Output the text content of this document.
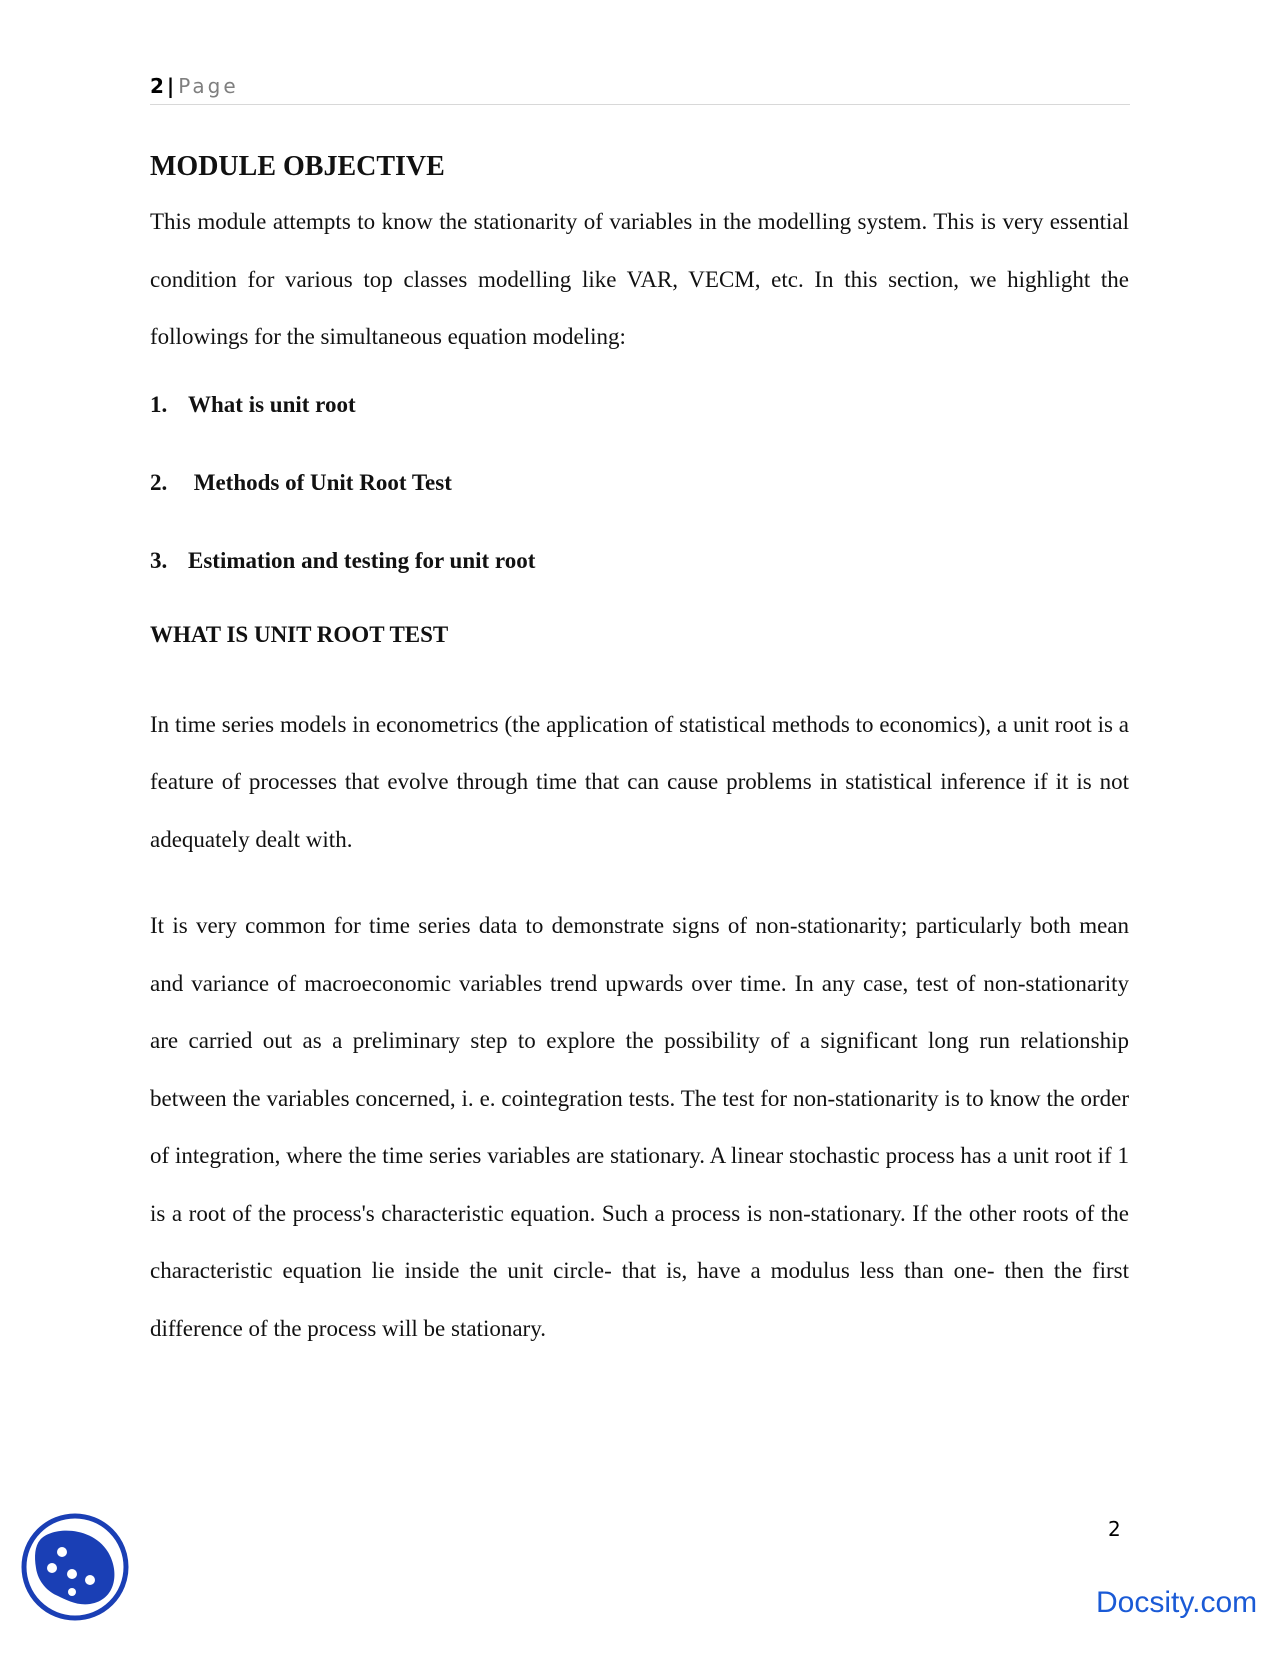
2 | Page
MODULE OBJECTIVE

This module attempts to know the stationarity of variables in the modelling system. This is very essential condition for various top classes modelling like VAR, VECM, etc. In this section, we highlight the followings for the simultaneous equation modeling:

1. What is unit root
2. Methods of Unit Root Test
3. Estimation and testing for unit root
WHAT IS UNIT ROOT TEST

In time series models in econometrics (the application of statistical methods to economics), a unit root is a feature of processes that evolve through time that can cause problems in statistical inference if it is not adequately dealt with.

It is very common for time series data to demonstrate signs of non-stationarity; particularly both mean and variance of macroeconomic variables trend upwards over time. In any case, test of non-stationarity are carried out as a preliminary step to explore the possibility of a significant long run relationship between the variables concerned, i. e. cointegration tests. The test for non-stationarity is to know the order of integration, where the time series variables are stationary. A linear stochastic process has a unit root if 1 is a root of the process's characteristic equation. Such a process is non-stationary. If the other roots of the characteristic equation lie inside the unit circle- that is, have a modulus less than one- then the first difference of the process will be stationary.

2
Docsity.com
